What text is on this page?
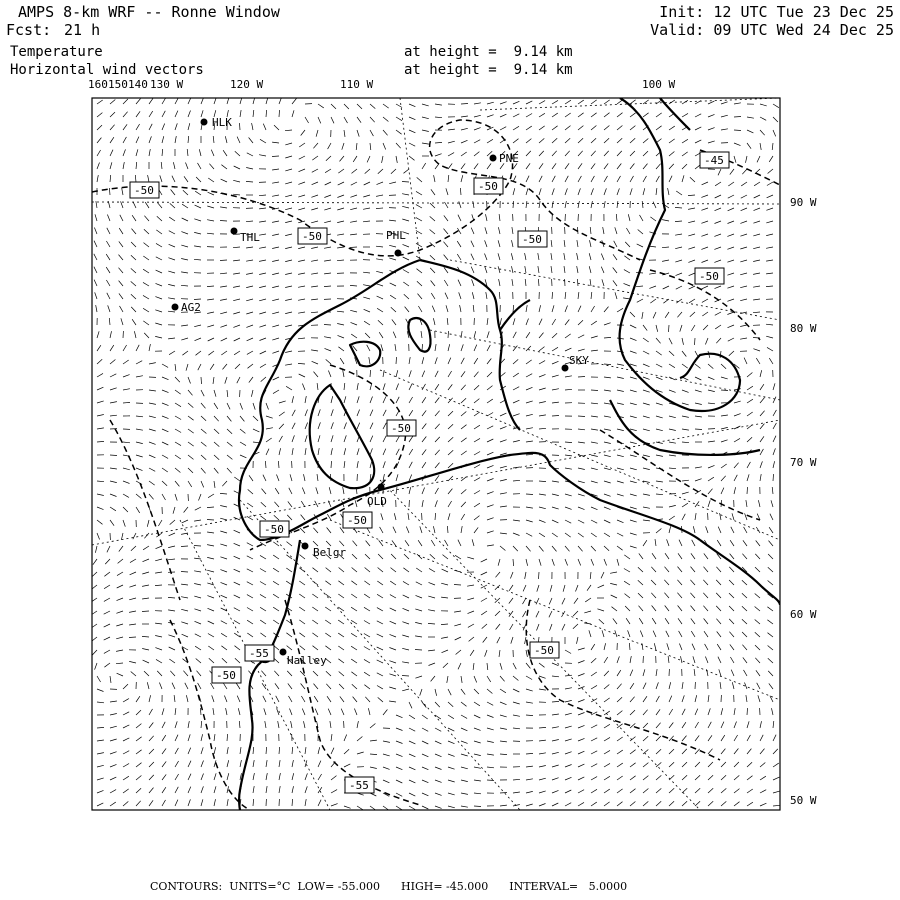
AMPS 8-km WRF -- Ronne Window
Fcst: 21 h
Init: 12 UTC Tue 23 Dec 25
Valid: 09 UTC Wed 24 Dec 25
Temperature	at height =  9.14 km
Horizontal wind vectors	at height =  9.14 km
160 150 140 130 W	120 W	110 W	100 W
90 W
80 W
70 W
60 W
50 W
HLK
PNE
THL	PHL
AG2
SKY
OLD
Belgr
Halley
-45
-50	-50
-50	-50
-50
-50
-50
-50
-50
-50
-55
-55
CONTOURS: UNITS=°C LOW= -55.000 HIGH= -45.000 INTERVAL=   5.0000
